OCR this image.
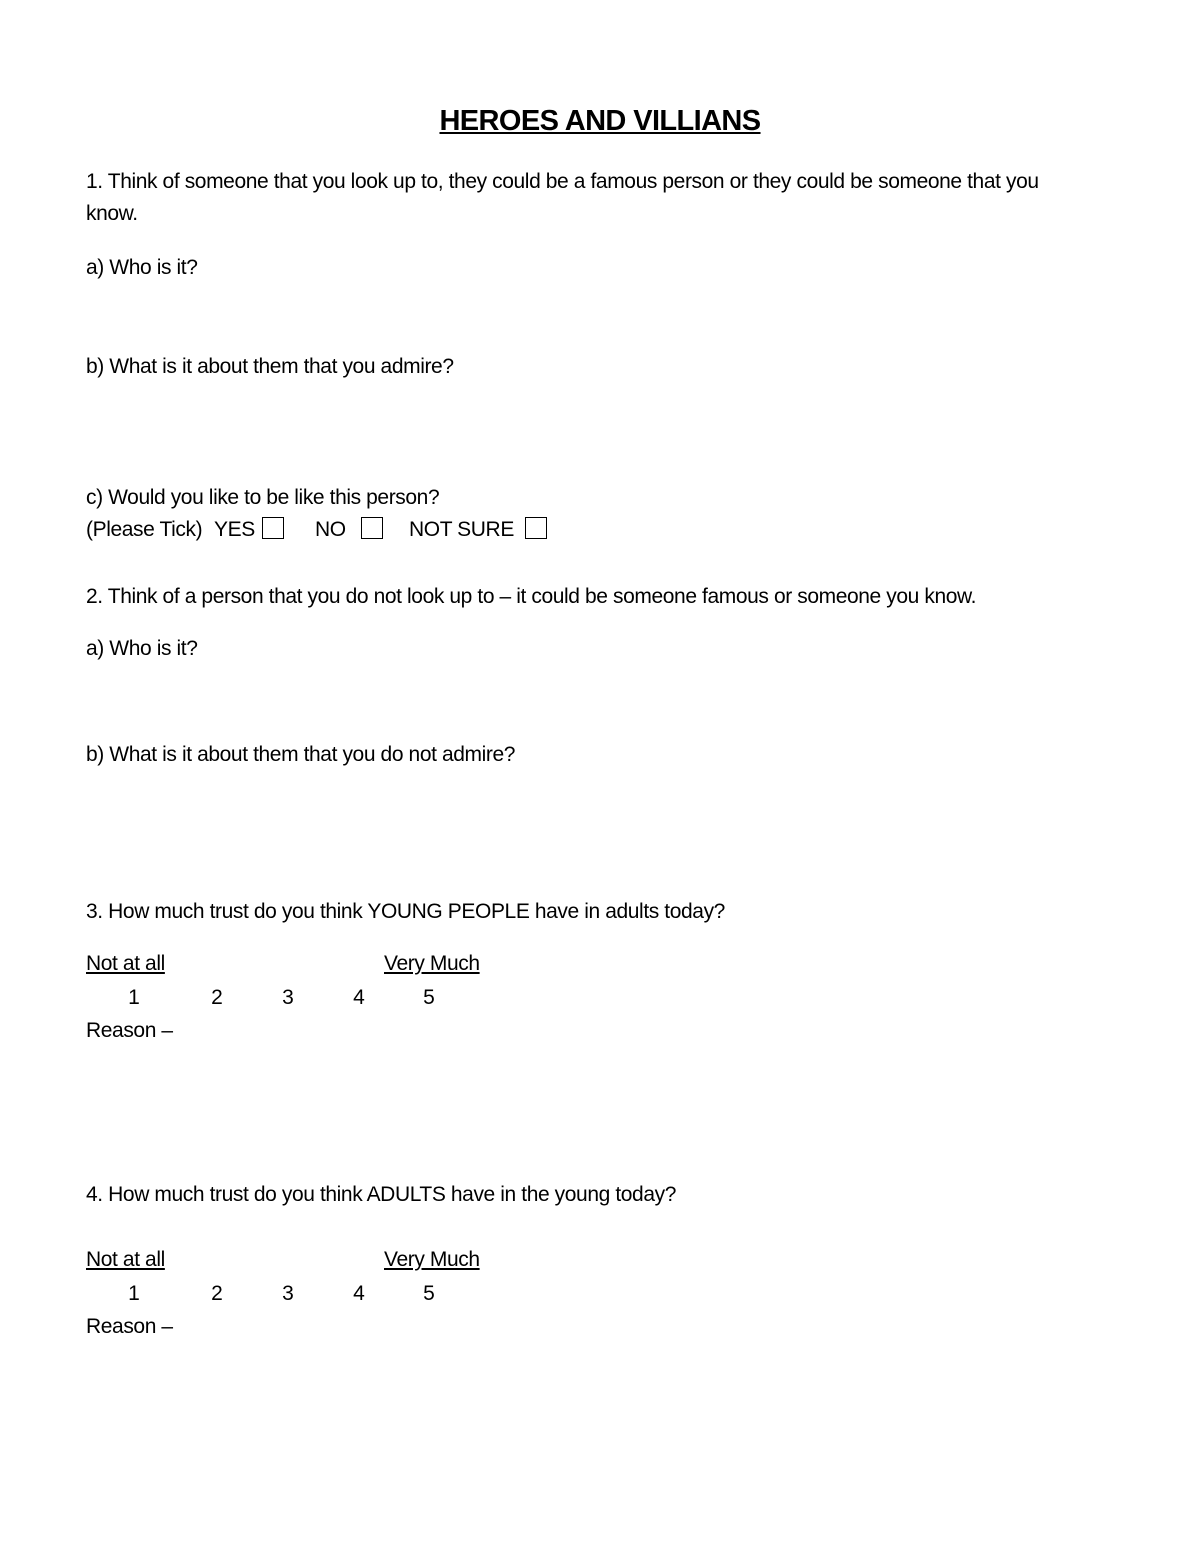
HEROES AND VILLIANS
1. Think of someone that you look up to, they could be a famous person or they could be someone that you
know.
a) Who is it?
b) What is it about them that you admire?
c) Would you like to be like this person?
(Please Tick) YES	NO	NOT SURE
2. Think of a person that you do not look up to – it could be someone famous or someone you know.
a) Who is it?
b) What is it about them that you do not admire?
3. How much trust do you think YOUNG PEOPLE have in adults today?
Not at all	Very Much
1	2	3	4	5
Reason –
4. How much trust do you think ADULTS have in the young today?
Not at all	Very Much
1	2	3	4	5
Reason –
